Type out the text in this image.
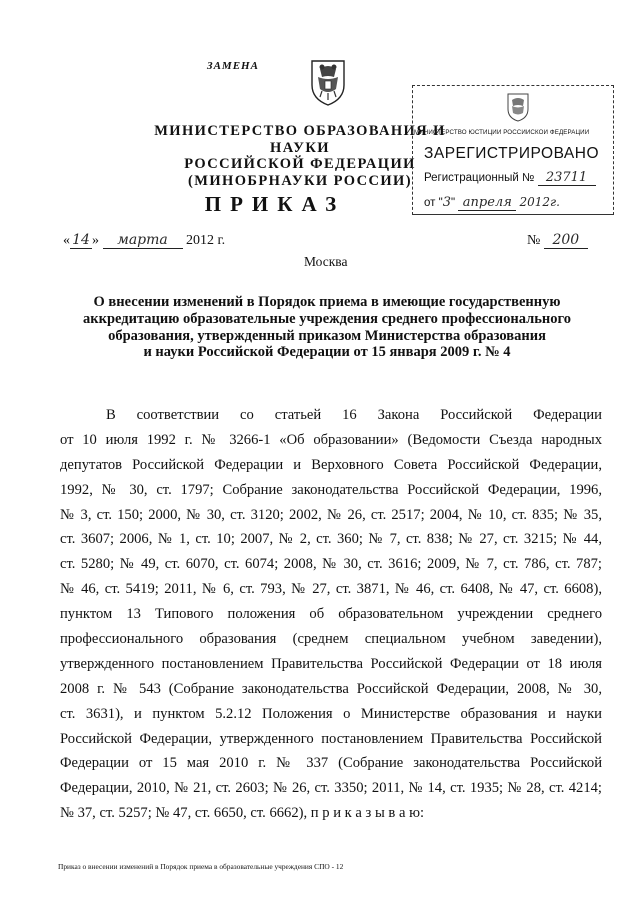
ЗАМЕНА
МИНИСТЕРСТВО ОБРАЗОВАНИЯ И НАУКИ
РОССИЙСКОЙ ФЕДЕРАЦИИ
(МИНОБРНАУКИ РОССИИ)
МИНИСТЕРСТВО ЮСТИЦИИ РОССИЙСКОЙ ФЕДЕРАЦИИ
ЗАРЕГИСТРИРОВАНО
Регистрационный № 23711
от "3" апреля 2012г.
ПРИКАЗ
« 14 » марта 2012 г.	№ 200
Москва
О внесении изменений в Порядок приема в имеющие государственную
аккредитацию образовательные учреждения среднего профессионального
образования, утвержденный приказом Министерства образования
и науки Российской Федерации от 15 января 2009 г. № 4
В соответствии со статьей 16 Закона Российской Федерации
от 10 июля 1992 г. № 3266-1 «Об образовании» (Ведомости Съезда народных
депутатов Российской Федерации и Верховного Совета Российской Федерации,
1992, № 30, ст. 1797; Собрание законодательства Российской Федерации, 1996,
№ 3, ст. 150; 2000, № 30, ст. 3120; 2002, № 26, ст. 2517; 2004, № 10, ст. 835; № 35,
ст. 3607; 2006, № 1, ст. 10; 2007, № 2, ст. 360; № 7, ст. 838; № 27, ст. 3215; № 44,
ст. 5280; № 49, ст. 6070, ст. 6074; 2008, № 30, ст. 3616; 2009, № 7, ст. 786, ст. 787;
№ 46, ст. 5419; 2011, № 6, ст. 793, № 27, ст. 3871, № 46, ст. 6408, № 47, ст. 6608),
пунктом 13 Типового положения об образовательном учреждении среднего
профессионального образования (среднем специальном учебном заведении),
утвержденного постановлением Правительства Российской Федерации от 18 июля
2008 г. № 543 (Собрание законодательства Российской Федерации, 2008, № 30,
ст. 3631), и пунктом 5.2.12 Положения о Министерстве образования и науки
Российской Федерации, утвержденного постановлением Правительства Российской
Федерации от 15 мая 2010 г. № 337 (Собрание законодательства Российской
Федерации, 2010, № 21, ст. 2603; № 26, ст. 3350; 2011, № 14, ст. 1935; № 28, ст. 4214;
№ 37, ст. 5257; № 47, ст. 6650, ст. 6662), п р и к а з ы в а ю:
Приказ о внесении изменений в Порядок приема в образовательные учреждения СПО - 12
